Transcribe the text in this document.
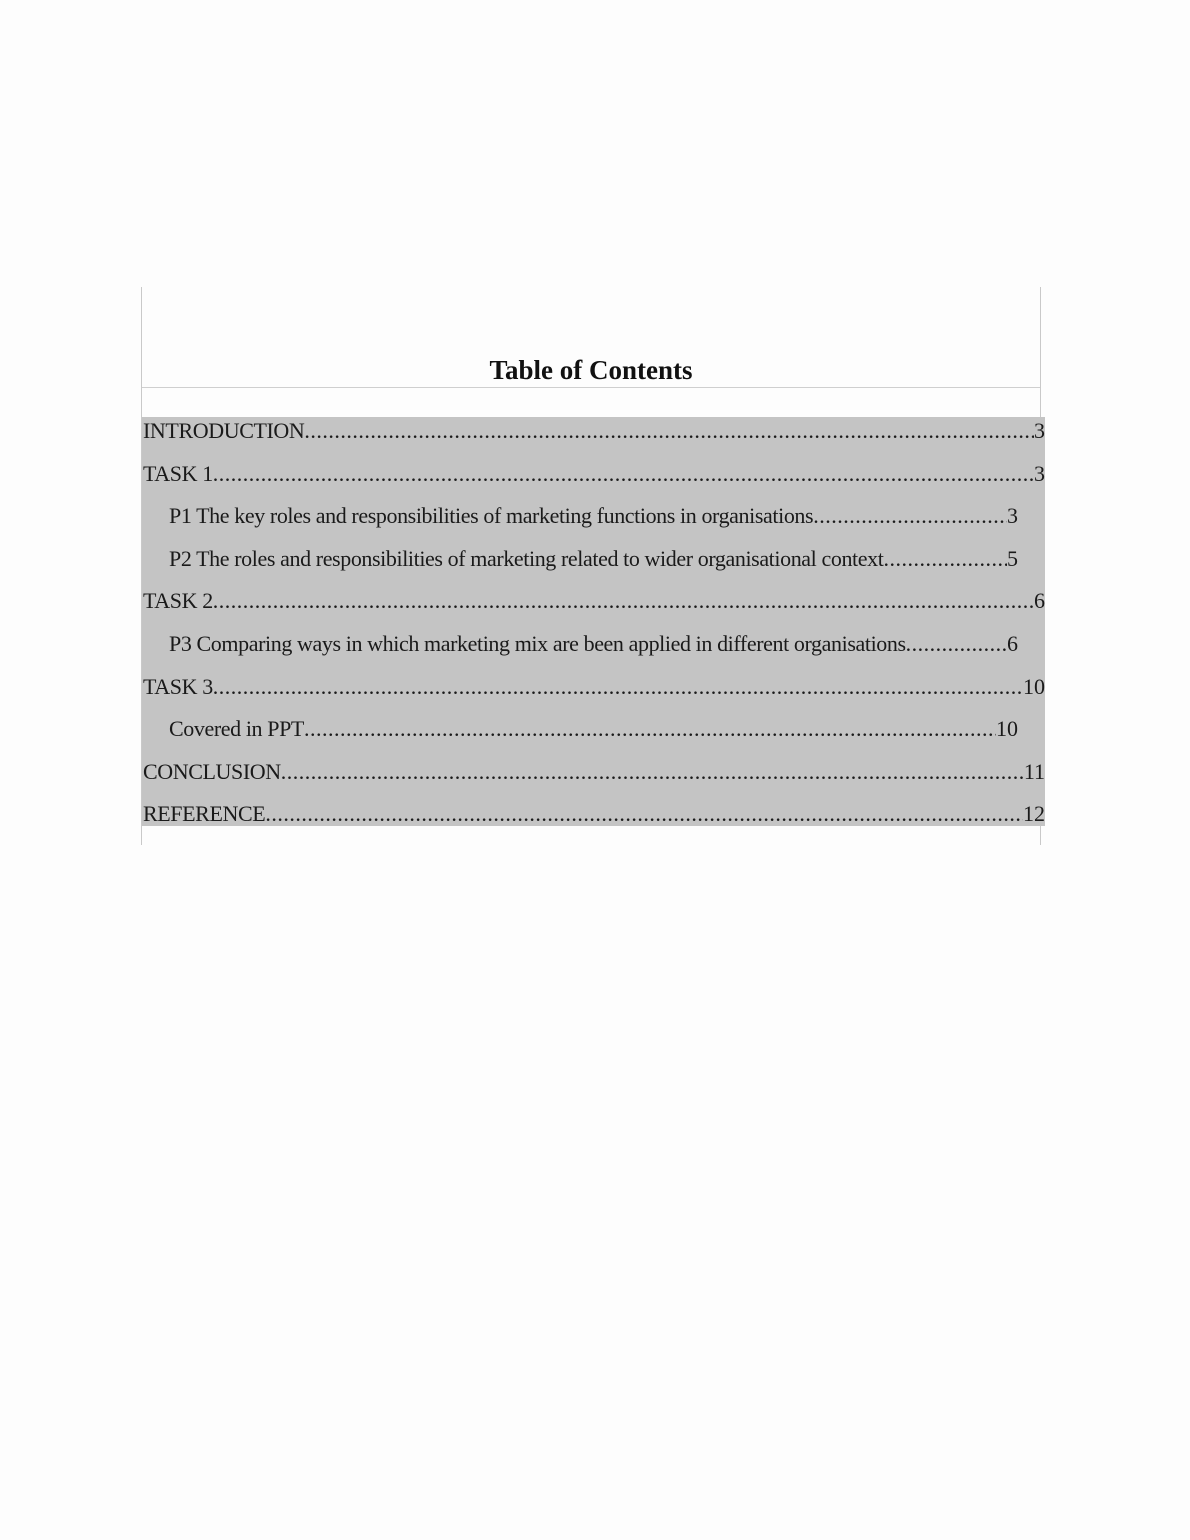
Table of Contents
INTRODUCTION .....	3
TASK 1 .....	3
P1 The key roles and responsibilities of marketing functions in organisations .....	3
P2 The roles and responsibilities of marketing related to wider organisational context .....	5
TASK 2 .....	6
P3 Comparing ways in which marketing mix are been applied in different organisations .....	6
TASK 3 .....	10
Covered in PPT .....	10
CONCLUSION .....	11
REFERENCE .....	12
